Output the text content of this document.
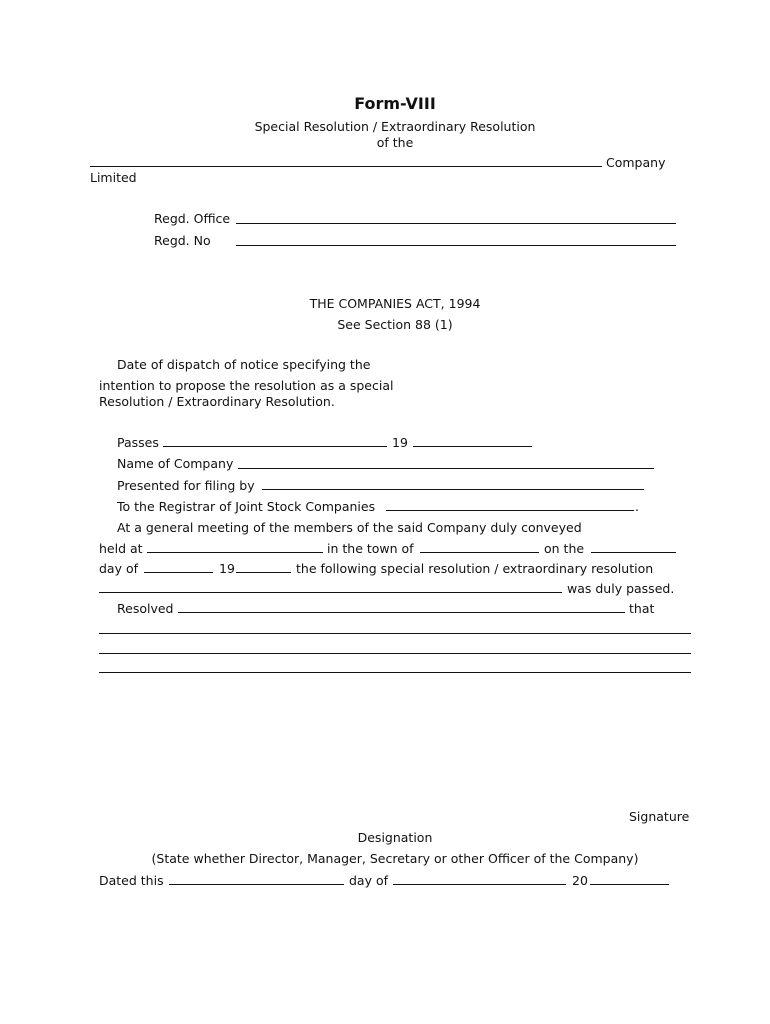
Form-VIII
Special Resolution / Extraordinary Resolution
of the
Company
Limited
Regd. Office
Regd. No
THE COMPANIES ACT, 1994
See Section 88 (1)
Date of dispatch of notice specifying the
intention to propose the resolution as a special
Resolution / Extraordinary Resolution.
Passes	19
Name of Company
Presented for filing by
To the Registrar of Joint Stock Companies	.
At a general meeting of the members of the said Company duly conveyed
held at	in the town of	on the
day of	19	the following special resolution / extraordinary resolution
was duly passed.
Resolved	that
Signature
Designation
(State whether Director, Manager, Secretary or other Officer of the Company)
Dated this	day of	20
